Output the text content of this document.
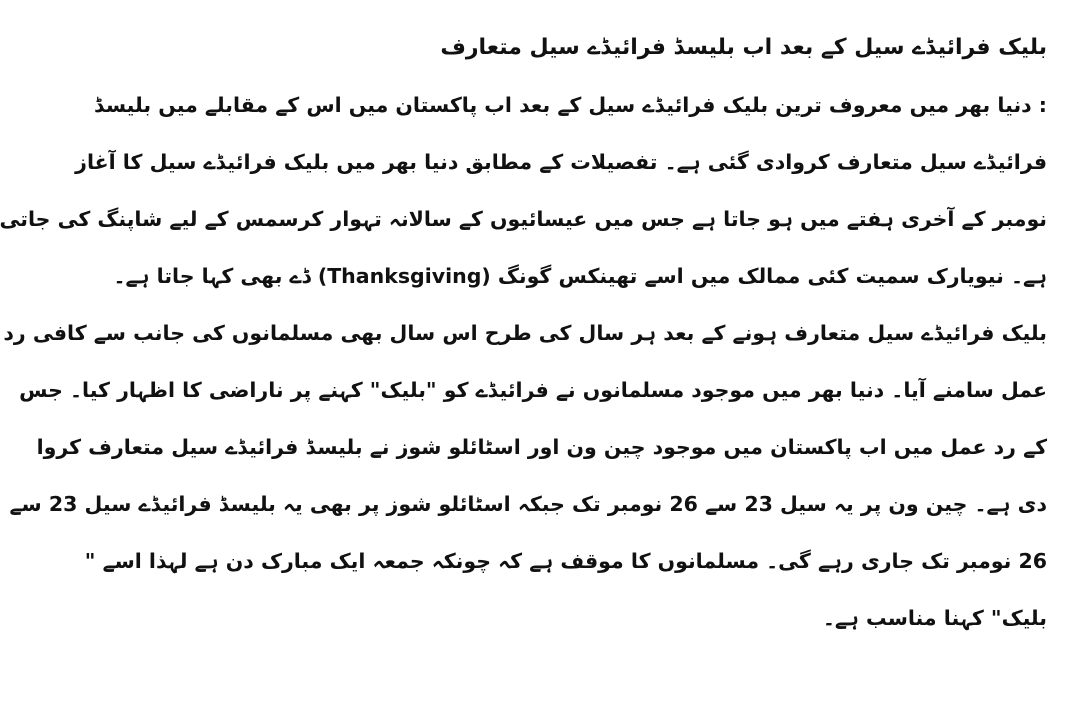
بلیک فرائیڈے سیل کے بعد اب بلیسڈ فرائیڈے سیل متعارف
: دنیا بھر میں معروف ترین بلیک فرائیڈے سیل کے بعد اب پاکستان میں اس کے مقابلے میں بلیسڈ
فرائیڈے سیل متعارف کروادی گئی ہے۔ تفصیلات کے مطابق دنیا بھر میں بلیک فرائیڈے سیل کا آغاز
نومبر کے آخری ہفتے میں ہو جاتا ہے جس میں عیسائیوں کے سالانہ تہوار کرسمس کے لیے شاپنگ کی جاتی
ہے۔ نیویارک سمیت کئی ممالک میں اسے تھینکس گونگ (Thanksgiving) ڈے بھی کہا جاتا ہے۔
بلیک فرائیڈے سیل متعارف ہونے کے بعد ہر سال کی طرح اس سال بھی مسلمانوں کی جانب سے کافی رد
عمل سامنے آیا۔ دنیا بھر میں موجود مسلمانوں نے فرائیڈے کو "بلیک" کہنے پر ناراضی کا اظہار کیا۔ جس
کے رد عمل میں اب پاکستان میں موجود چین ون اور اسٹائلو شوز نے بلیسڈ فرائیڈے سیل متعارف کروا
دی ہے۔ چین ون پر یہ سیل 23 سے 26 نومبر تک جبکہ اسٹائلو شوز پر بھی یہ بلیسڈ فرائیڈے سیل 23 سے
26 نومبر تک جاری رہے گی۔ مسلمانوں کا موقف ہے کہ چونکہ جمعہ ایک مبارک دن ہے لہذا اسے "
بلیک" کہنا مناسب ہے۔
